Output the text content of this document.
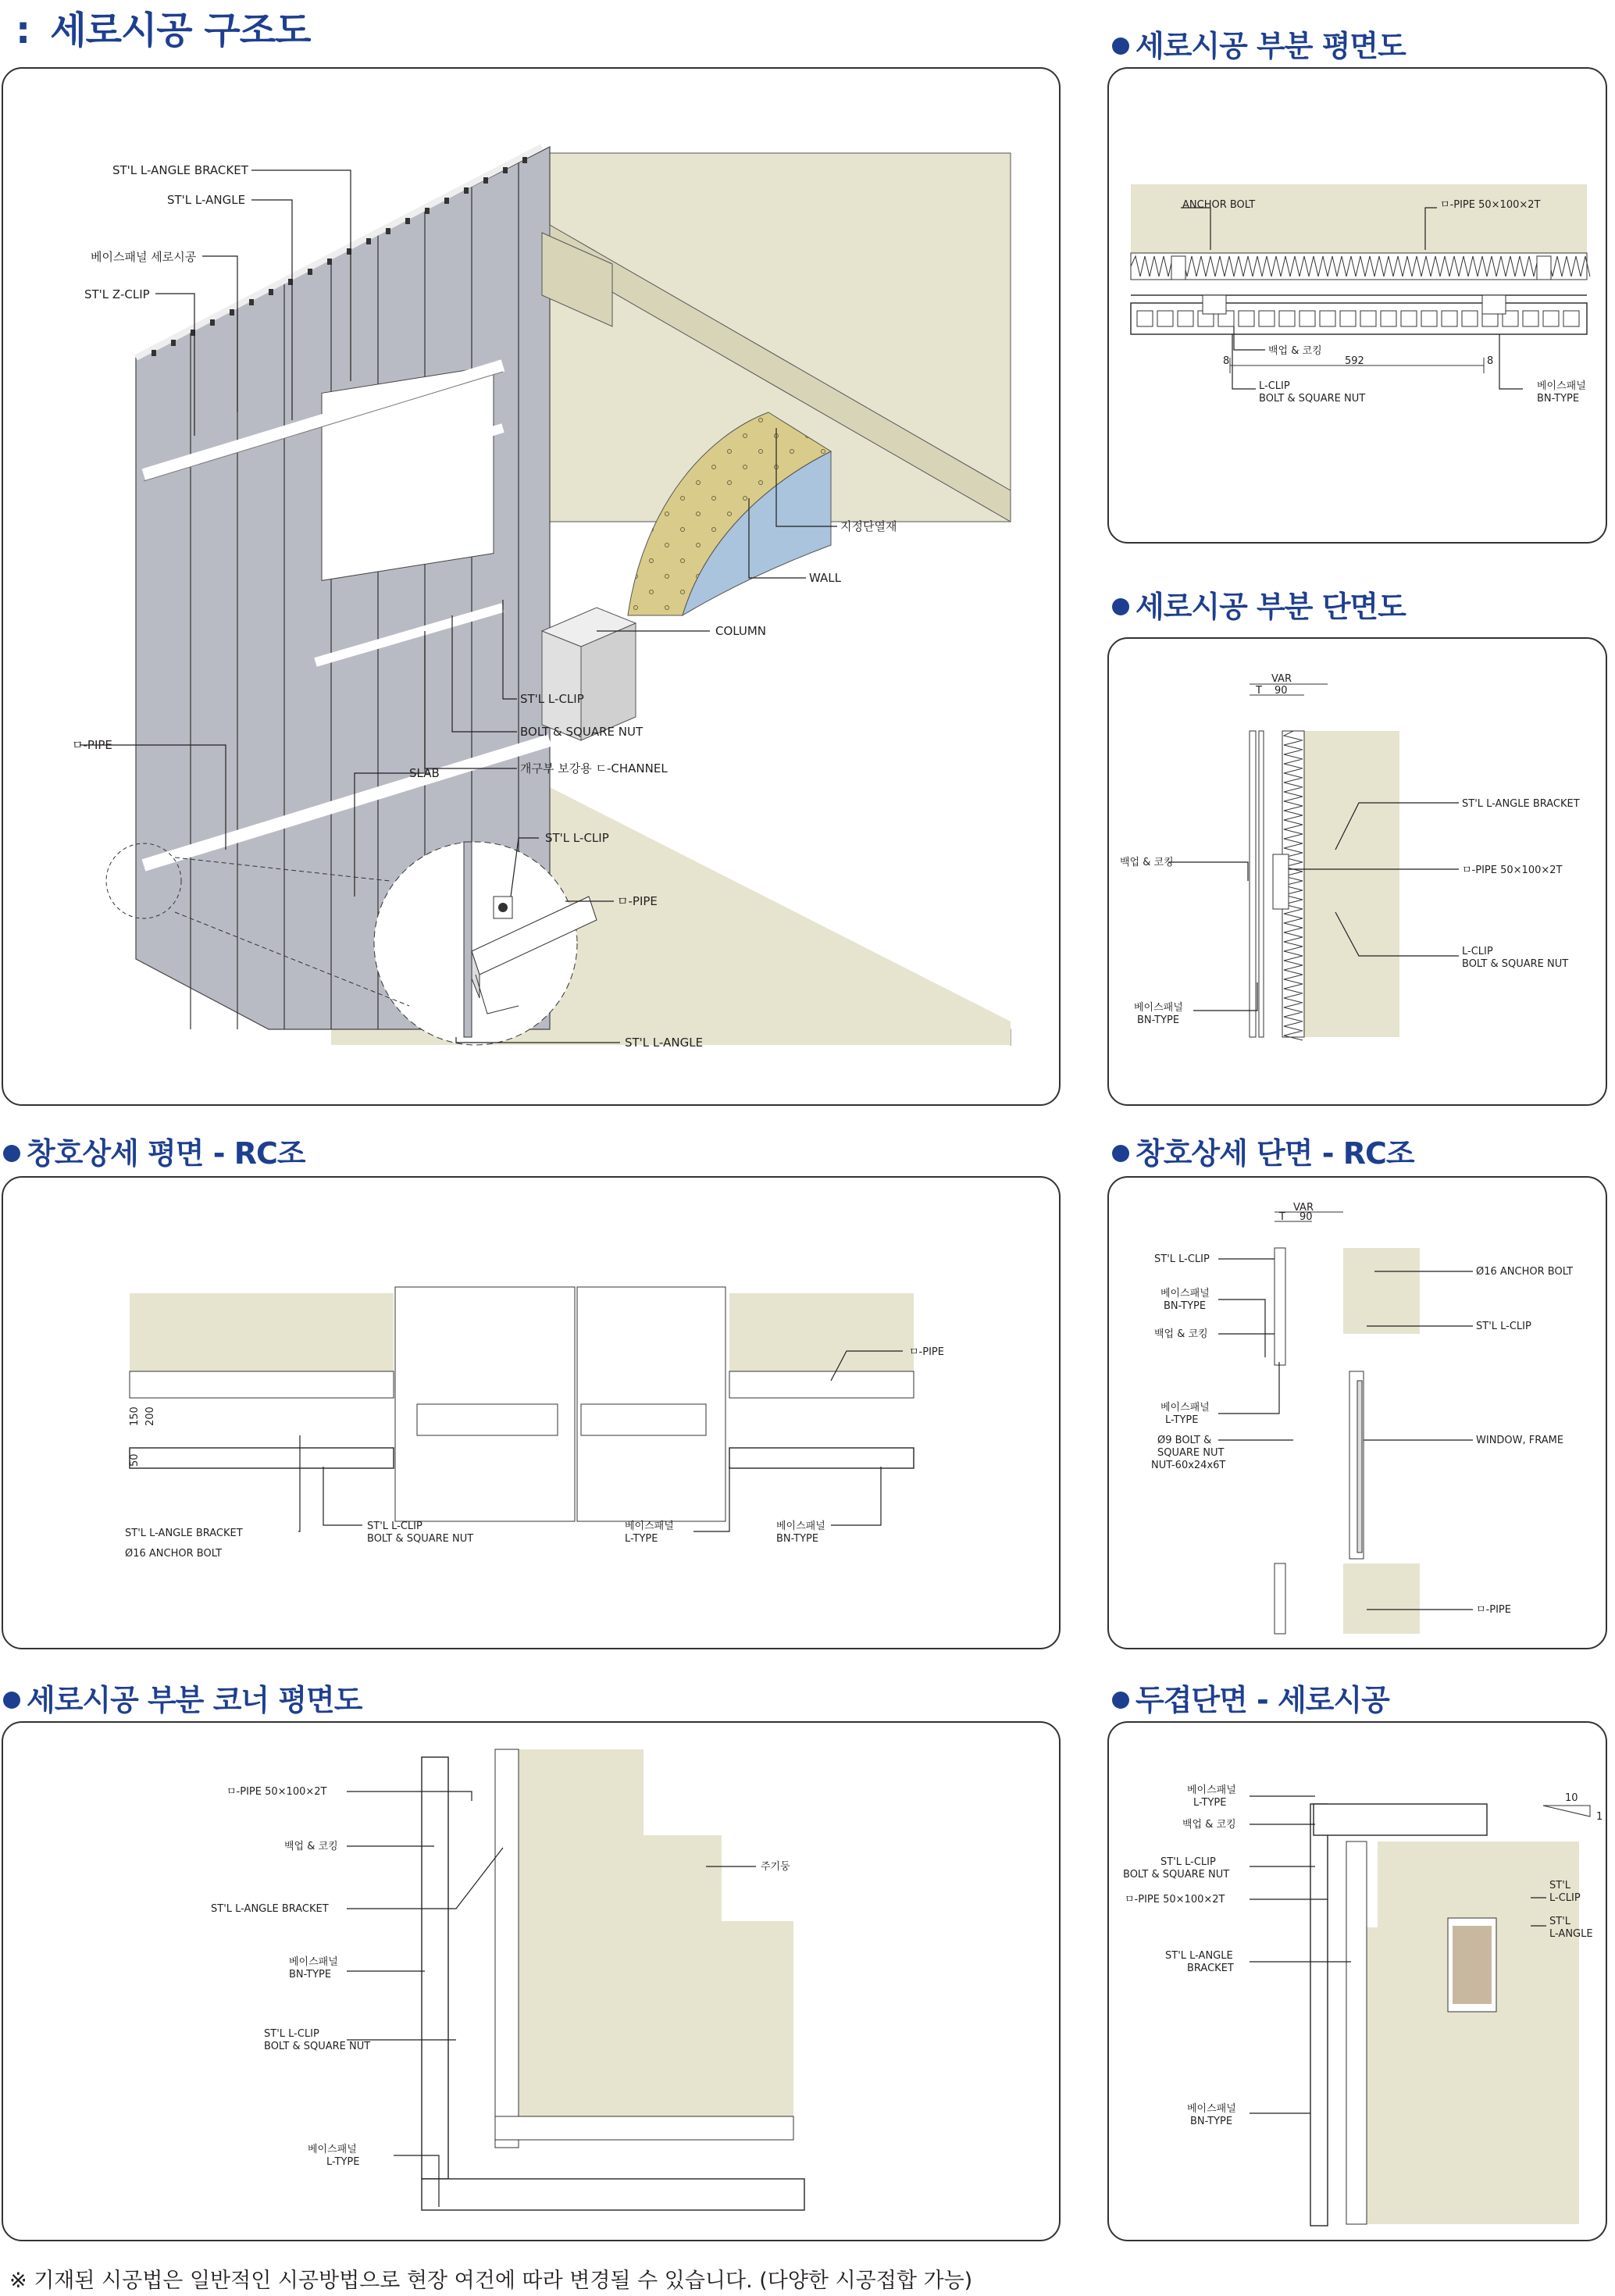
: 세로시공 구조도
ST'L L-ANGLE BRACKET
ST'L L-ANGLE
베이스패널 세로시공
ST'L Z-CLIP
지정단열재
WALL
COLUMN
ST'L L-CLIP
BOLT & SQUARE NUT
개구부 보강용 ㄷ-CHANNEL
ㅁ-PIPE
SLAB
ST'L L-CLIP
ㅁ-PIPE
ST'L L-ANGLE
세로시공 부분 평면도
ANCHOR BOLT	ㅁ-PIPE 50×100×2T
백업 & 코킹
8	592	8
L-CLIP
BOLT & SQUARE NUT
베이스패널
BN-TYPE
세로시공 부분 단면도
VAR
T 90
ST'L L-ANGLE BRACKET
백업 & 코킹
ㅁ-PIPE 50×100×2T
L-CLIP
BOLT & SQUARE NUT
베이스패널
BN-TYPE
창호상세 평면 - RC조
ㅁ-PIPE
150 200
50
ST'L L-ANGLE BRACKET
Ø16 ANCHOR BOLT
ST'L L-CLIP
BOLT & SQUARE NUT
베이스패널
L-TYPE
베이스패널
BN-TYPE
창호상세 단면 - RC조
VAR
T 90
ST'L L-CLIP
베이스패널
BN-TYPE
백업 & 코킹
베이스패널
L-TYPE
Ø9 BOLT &
SQUARE NUT
NUT-60x24x6T
Ø16 ANCHOR BOLT
ST'L L-CLIP
WINDOW, FRAME
ㅁ-PIPE
세로시공 부분 코너 평면도
ㅁ-PIPE 50×100×2T
백업 & 코킹
ST'L L-ANGLE BRACKET
베이스패널
BN-TYPE
ST'L L-CLIP
BOLT & SQUARE NUT
베이스패널
L-TYPE
주기둥
두겹단면 - 세로시공
베이스패널
L-TYPE
백업 & 코킹
ST'L L-CLIP
BOLT & SQUARE NUT
ㅁ-PIPE 50×100×2T
ST'L L-ANGLE
BRACKET
베이스패널
BN-TYPE
ST'L
L-CLIP
ST'L
L-ANGLE
10
1
※ 기재된 시공법은 일반적인 시공방법으로 현장 여건에 따라 변경될 수 있습니다. (다양한 시공접합 가능)
